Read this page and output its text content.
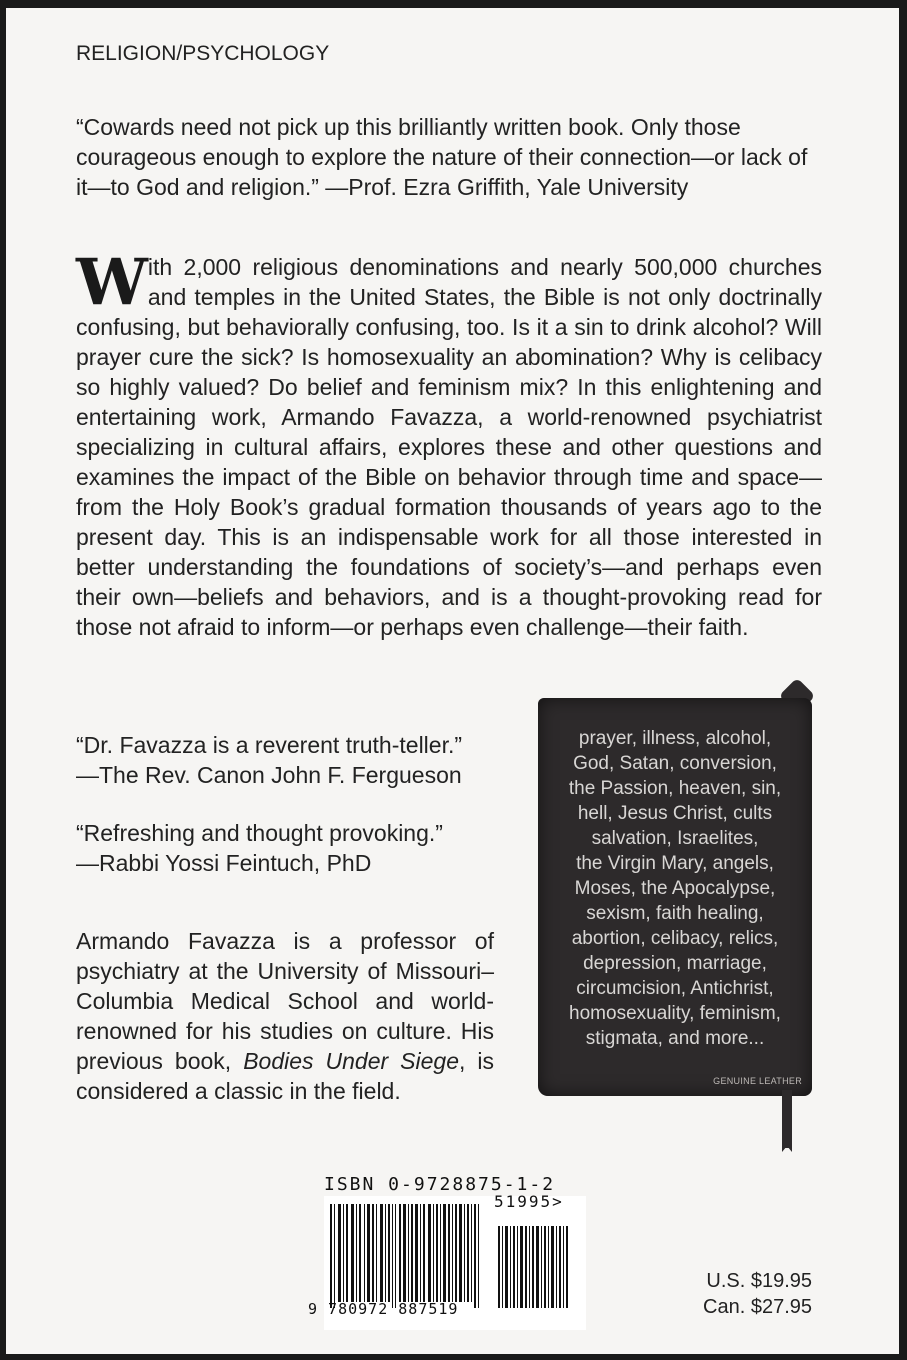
RELIGION/PSYCHOLOGY
“Cowards need not pick up this brilliantly written book. Only those courageous enough to explore the nature of their connection—or lack of it—to God and religion.” —Prof. Ezra Griffith, Yale University
With 2,000 religious denominations and nearly 500,000 churches and temples in the United States, the Bible is not only doctrinally confusing, but behaviorally confusing, too. Is it a sin to drink alcohol? Will prayer cure the sick? Is homosexuality an abomination? Why is celibacy so highly valued? Do belief and feminism mix? In this enlightening and entertaining work, Armando Favazza, a world-renowned psychiatrist specializing in cultural affairs, explores these and other questions and examines the impact of the Bible on behavior through time and space—from the Holy Book’s gradual formation thousands of years ago to the present day. This is an indispensable work for all those interested in better understanding the foundations of society’s—and perhaps even their own—beliefs and behaviors, and is a thought-provoking read for those not afraid to inform—or perhaps even challenge—their faith.
“Dr. Favazza is a reverent truth-teller.”
—The Rev. Canon John F. Fergueson
“Refreshing and thought provoking.”
—Rabbi Yossi Feintuch, PhD
Armando Favazza is a professor of psychiatry at the University of Missouri–Columbia Medical School and world-renowned for his studies on culture. His previous book, Bodies Under Siege, is considered a classic in the field.
prayer, illness, alcohol,
God, Satan, conversion,
the Passion, heaven, sin,
hell, Jesus Christ, cults
salvation, Israelites,
the Virgin Mary, angels,
Moses, the Apocalypse,
sexism, faith healing,
abortion, celibacy, relics,
depression, marriage,
circumcision, Antichrist,
homosexuality, feminism,
stigmata, and more...
GENUINE LEATHER
ISBN 0-9728875-1-2
51995>
9 780972 887519
U.S. $19.95
Can. $27.95
